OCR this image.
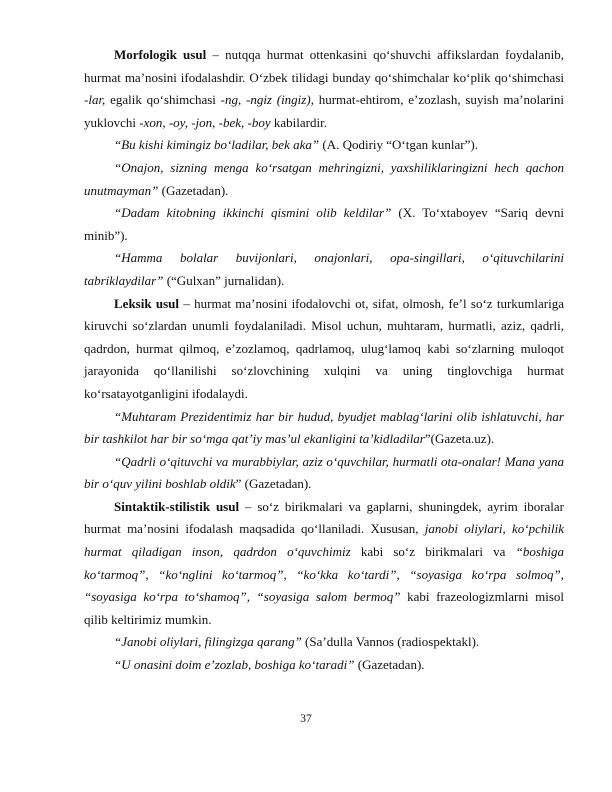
Morfologik usul – nutqqa hurmat ottenkasini qo‘shuvchi affikslardan foydalanib, hurmat ma’nosini ifodalashdir. O‘zbek tilidagi bunday qo‘shimchalar ko‘plik qo‘shimchasi -lar, egalik qo‘shimchasi -ng, -ngiz (ingiz), hurmat-ehtirom, e’zozlash, suyish ma’nolarini yuklovchi -xon, -oy, -jon, -bek, -boy kabilardir.

“Bu kishi kimingiz bo‘ladilar, bek aka” (A. Qodiriy “O‘tgan kunlar”).

“Onajon, sizning menga ko‘rsatgan mehringizni, yaxshiliklaringizni hech qachon unutmayman” (Gazetadan).

“Dadam kitobning ikkinchi qismini olib keldilar” (X. To‘xtaboyev “Sariq devni minib”).

“Hamma bolalar buvijonlari, onajonlari, opa-singillari, o‘qituvchilarini tabriklaydilar” (“Gulxan” jurnalidan).

Leksik usul – hurmat ma’nosini ifodalovchi ot, sifat, olmosh, fe’l so‘z turkumlariga kiruvchi so‘zlardan unumli foydalaniladi. Misol uchun, muhtaram, hurmatli, aziz, qadrli, qadrdon, hurmat qilmoq, e’zozlamoq, qadrlamoq, ulug‘lamoq kabi so‘zlarning muloqot jarayonida qo‘llanilishi so‘zlovchining xulqini va uning tinglovchiga hurmat ko‘rsatayotganligini ifodalaydi.

“Muhtaram Prezidentimiz har bir hudud, byudjet mablag‘larini olib ishlatuvchi, har bir tashkilot har bir so‘mga qat’iy mas’ul ekanligini ta’kidladilar”(Gazeta.uz).

“Qadrli o‘qituvchi va murabbiylar, aziz o‘quvchilar, hurmatli ota-onalar! Mana yana bir o‘quv yilini boshlab oldik” (Gazetadan).

Sintaktik-stilistik usul – so‘z birikmalari va gaplarni, shuningdek, ayrim iboralar hurmat ma’nosini ifodalash maqsadida qo‘llaniladi. Xususan, janobi oliylari, ko‘pchilik hurmat qiladigan inson, qadrdon o‘quvchimiz kabi so‘z birikmalari va “boshiga ko‘tarmoq”, “ko‘nglini ko‘tarmoq”, “ko‘kka ko‘tardi”, “soyasiga ko‘rpa solmoq”, “soyasiga ko‘rpa to‘shamoq”, “soyasiga salom bermoq” kabi frazeologizmlarni misol qilib keltirimiz mumkin.

“Janobi oliylari, filingizga qarang” (Sa’dulla Vannos (radiospektakl).

“U onasini doim e’zozlab, boshiga ko‘taradi” (Gazetadan).

37
